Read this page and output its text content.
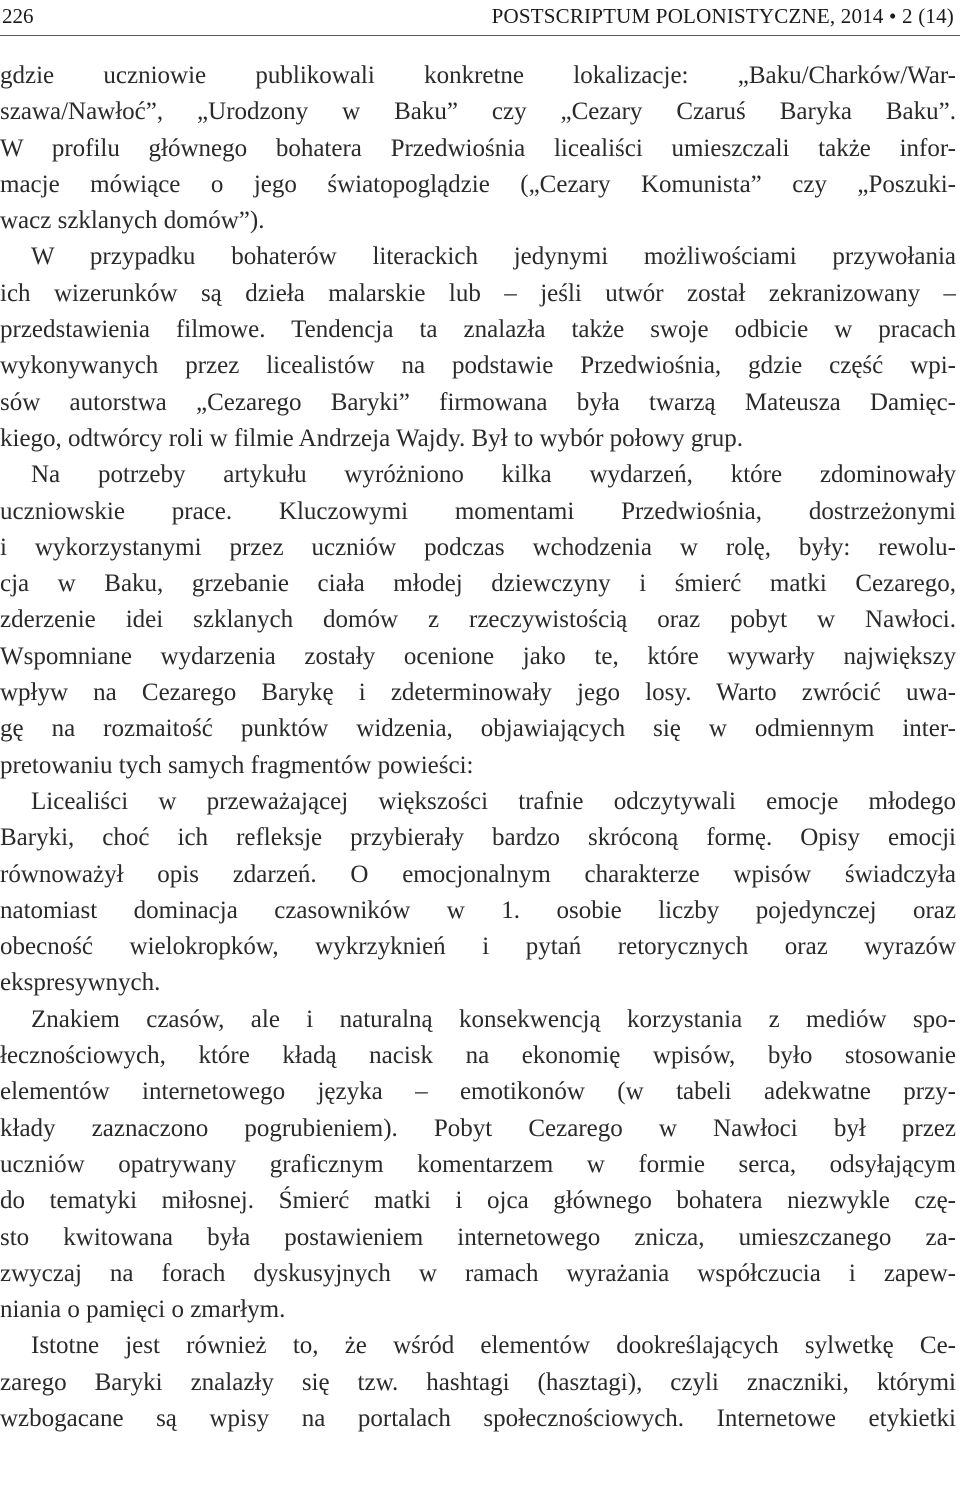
226	POSTSCRIPTUM POLONISTYCZNE, 2014 • 2 (14)
gdzie uczniowie publikowali konkretne lokalizacje: „Baku/Charków/War-
szawa/Nawłoć”, „Urodzony w Baku” czy „Cezary Czaruś Baryka Baku”.
W profilu głównego bohatera Przedwiośnia licealiści umieszczali także infor-
macje mówiące o jego światopoglądzie („Cezary Komunista” czy „Poszuki-
wacz szklanych domów”).
W przypadku bohaterów literackich jedynymi możliwościami przywołania
ich wizerunków są dzieła malarskie lub – jeśli utwór został zekranizowany –
przedstawienia filmowe. Tendencja ta znalazła także swoje odbicie w pracach
wykonywanych przez licealistów na podstawie Przedwiośnia, gdzie część wpi-
sów autorstwa „Cezarego Baryki” firmowana była twarzą Mateusza Damięc-
kiego, odtwórcy roli w filmie Andrzeja Wajdy. Był to wybór połowy grup.
Na potrzeby artykułu wyróżniono kilka wydarzeń, które zdominowały
uczniowskie prace. Kluczowymi momentami Przedwiośnia, dostrzeżonymi
i wykorzystanymi przez uczniów podczas wchodzenia w rolę, były: rewolu-
cja w Baku, grzebanie ciała młodej dziewczyny i śmierć matki Cezarego,
zderzenie idei szklanych domów z rzeczywistością oraz pobyt w Nawłoci.
Wspomniane wydarzenia zostały ocenione jako te, które wywarły największy
wpływ na Cezarego Barykę i zdeterminowały jego losy. Warto zwrócić uwa-
gę na rozmaitość punktów widzenia, objawiających się w odmiennym inter-
pretowaniu tych samych fragmentów powieści:
Licealiści w przeważającej większości trafnie odczytywali emocje młodego
Baryki, choć ich refleksje przybierały bardzo skróconą formę. Opisy emocji
równoważył opis zdarzeń. O emocjonalnym charakterze wpisów świadczyła
natomiast dominacja czasowników w 1. osobie liczby pojedynczej oraz
obecność wielokropków, wykrzyknień i pytań retorycznych oraz wyrazów
ekspresywnych.
Znakiem czasów, ale i naturalną konsekwencją korzystania z mediów spo-
łecznościowych, które kładą nacisk na ekonomię wpisów, było stosowanie
elementów internetowego języka – emotikonów (w tabeli adekwatne przy-
kłady zaznaczono pogrubieniem). Pobyt Cezarego w Nawłoci był przez
uczniów opatrywany graficznym komentarzem w formie serca, odsyłającym
do tematyki miłosnej. Śmierć matki i ojca głównego bohatera niezwykle czę-
sto kwitowana była postawieniem internetowego znicza, umieszczanego za-
zwyczaj na forach dyskusyjnych w ramach wyrażania współczucia i zapew-
niania o pamięci o zmarłym.
Istotne jest również to, że wśród elementów dookreślających sylwetkę Ce-
zarego Baryki znalazły się tzw. hashtagi (hasztagi), czyli znaczniki, którymi
wzbogacane są wpisy na portalach społecznościowych. Internetowe etykietki
